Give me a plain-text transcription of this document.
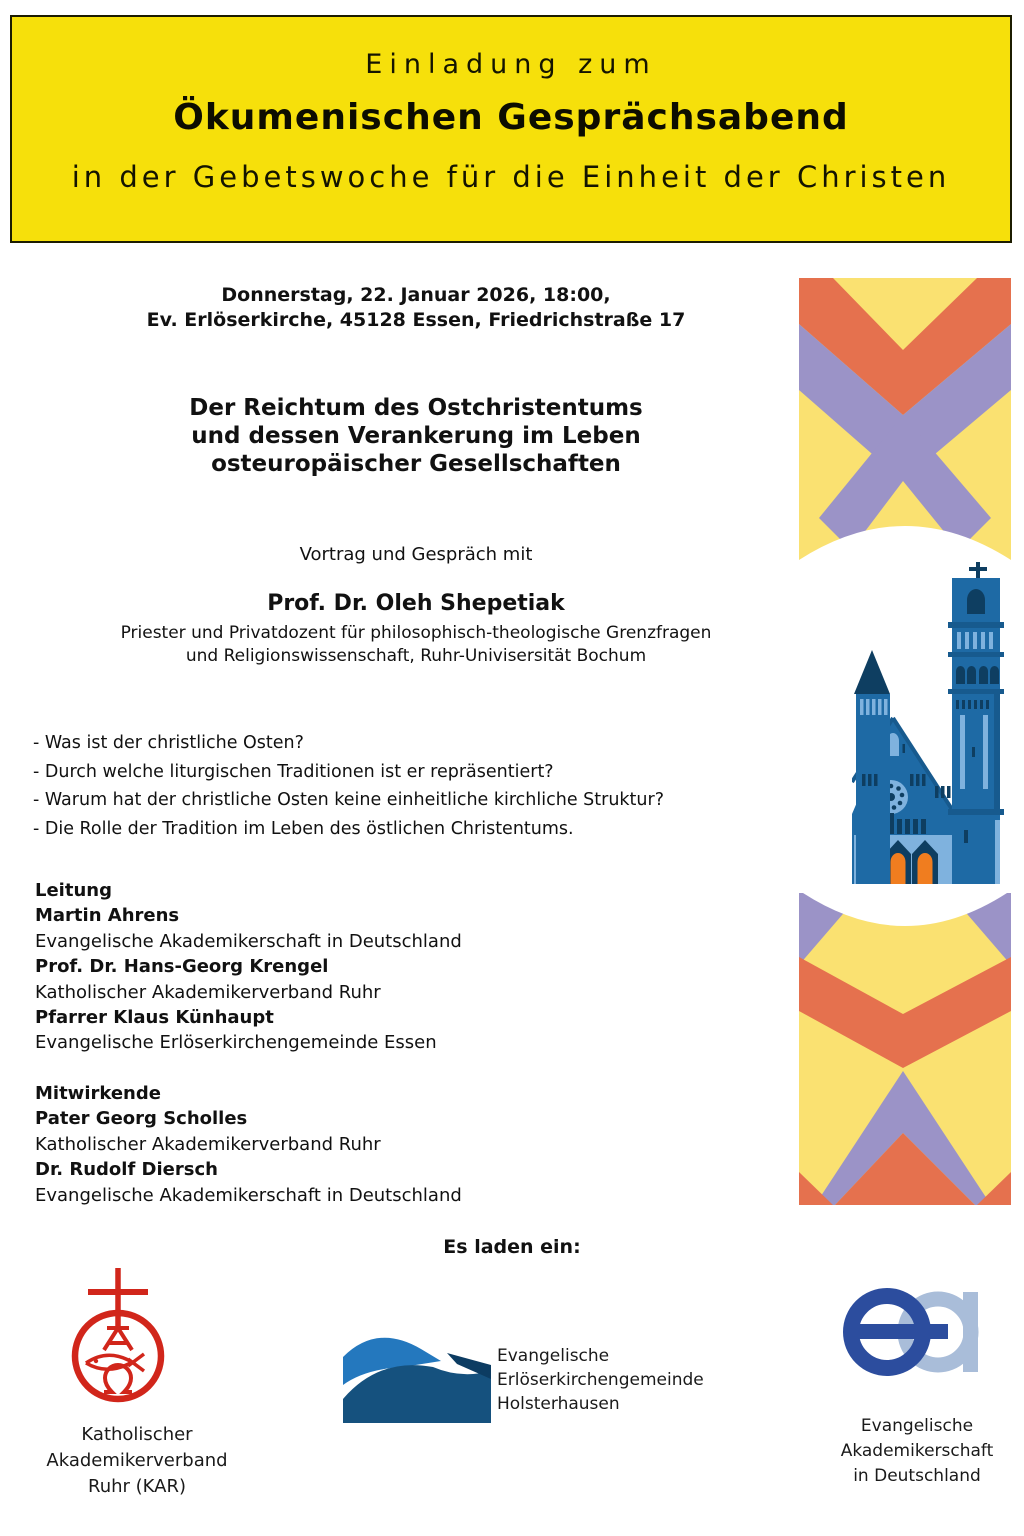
Einladung zum
Ökumenischen Gesprächsabend
in der Gebetswoche für die Einheit der Christen
Donnerstag, 22. Januar 2026, 18:00,
Ev. Erlöserkirche, 45128 Essen, Friedrichstraße 17
Der Reichtum des Ostchristentums
und dessen Verankerung im Leben
osteuropäischer Gesellschaften
Vortrag und Gespräch mit
Prof. Dr. Oleh Shepetiak
Priester und Privatdozent für philosophisch-theologische Grenzfragen
und Religionswissenschaft, Ruhr-Univisersität Bochum
- Was ist der christliche Osten?
- Durch welche liturgischen Traditionen ist er repräsentiert?
- Warum hat der christliche Osten keine einheitliche kirchliche Struktur?
- Die Rolle der Tradition im Leben des östlichen Christentums.
Leitung
Martin Ahrens
Evangelische Akademikerschaft in Deutschland
Prof. Dr. Hans-Georg Krengel
Katholischer Akademikerverband Ruhr
Pfarrer Klaus Künhaupt
Evangelische Erlöserkirchengemeinde Essen
Mitwirkende
Pater Georg Scholles
Katholischer Akademikerverband Ruhr
Dr. Rudolf Diersch
Evangelische Akademikerschaft in Deutschland
Es laden ein:
Katholischer
Akademikerverband
Ruhr (KAR)
Evangelische
Erlöserkirchengemeinde
Holsterhausen
Evangelische
Akademikerschaft
in Deutschland
